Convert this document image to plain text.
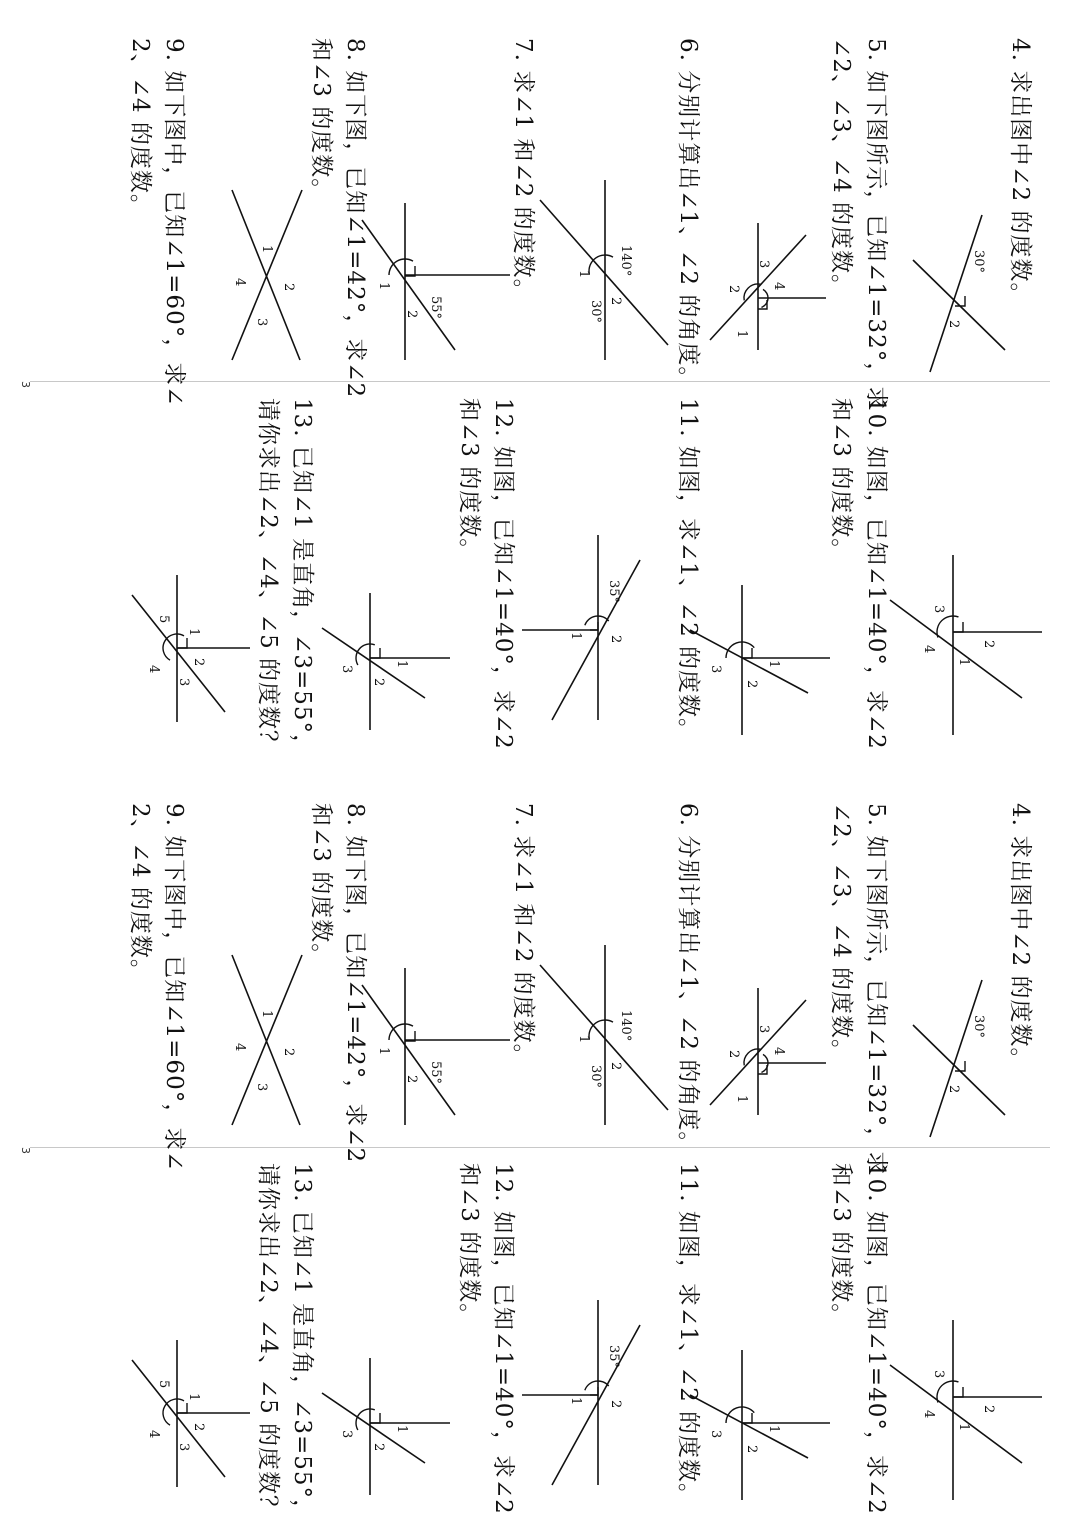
3
3
4. 求出图中∠2 的度数。
5. 如下图所示，已知∠1=32°，求
∠2、∠3、∠4 的度数。
6. 分别计算出∠1、∠2 的角度。
7. 求∠1 和∠2 的度数。
8. 如下图，已知∠1=42°，求∠2
和∠3 的度数。
9. 如下图中，已知∠1=60°，求∠
2、∠4 的度数。
10. 如图，已知∠1=40°，求∠2
和∠3 的度数。
11. 如图，求∠1、∠2 的度数。
12. 如图，已知∠1=40°，求∠2
和∠3 的度数。
13. 已知∠1 是直角，∠3=55°，
请你求出∠2、∠4、∠5 的度数？
4. 求出图中∠2 的度数。
5. 如下图所示，已知∠1=32°，求
∠2、∠3、∠4 的度数。
6. 分别计算出∠1、∠2 的角度。
7. 求∠1 和∠2 的度数。
8. 如下图，已知∠1=42°，求∠2
和∠3 的度数。
9. 如下图中，已知∠1=60°，求∠
2、∠4 的度数。
10. 如图，已知∠1=40°，求∠2
和∠3 的度数。
11. 如图，求∠1、∠2 的度数。
12. 如图，已知∠1=40°，求∠2
和∠3 的度数。
13. 已知∠1 是直角，∠3=55°，
请你求出∠2、∠4、∠5 的度数？
30°
2
1
2
3
4
140°
1
2
30°
55°
1
2
1
2
3
4
1
2
3
4
1
2
3
35°
1 2
1
2
3
1
2
3
4
5
30°
2
1
2
3
4
140°
1
2
30°
55°
1
2
1
2
3
4
1
2
3
4
1
2
3
35°
1 2
1
2
3
1
2
3
4
5
